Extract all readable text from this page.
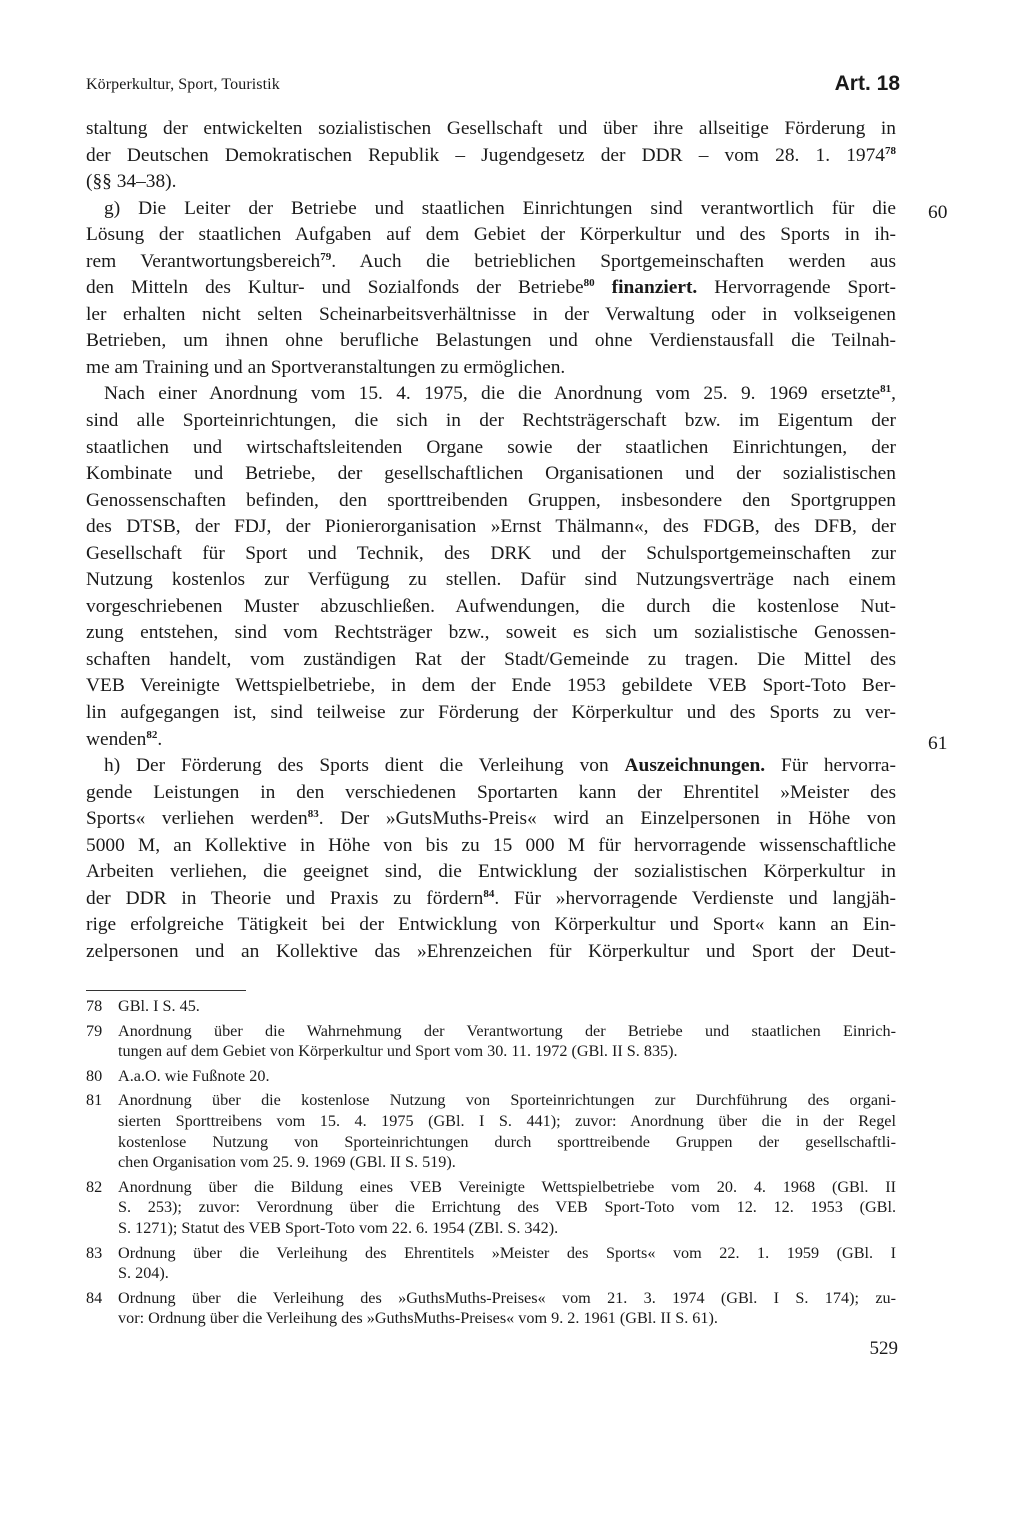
Körperkultur, Sport, Touristik	Art. 18
staltung der entwickelten sozialistischen Gesellschaft und über ihre allseitige Förderung in
der Deutschen Demokratischen Republik – Jugendgesetz der DDR – vom 28. 1. 1974$^{78}$
(§§ 34–38).
g) Die Leiter der Betriebe und staatlichen Einrichtungen sind verantwortlich für die
Lösung der staatlichen Aufgaben auf dem Gebiet der Körperkultur und des Sports in ih-
rem Verantwortungsbereich$^{79}$. Auch die betrieblichen Sportgemeinschaften werden aus
den Mitteln des Kultur- und Sozialfonds der Betriebe$^{80}$ finanziert. Hervorragende Sport-
ler erhalten nicht selten Scheinarbeitsverhältnisse in der Verwaltung oder in volkseigenen
Betrieben, um ihnen ohne berufliche Belastungen und ohne Verdienstausfall die Teilnah-
me am Training und an Sportveranstaltungen zu ermöglichen.
Nach einer Anordnung vom 15. 4. 1975, die die Anordnung vom 25. 9. 1969 ersetzte$^{81}$,
sind alle Sporteinrichtungen, die sich in der Rechtsträgerschaft bzw. im Eigentum der
staatlichen und wirtschaftsleitenden Organe sowie der staatlichen Einrichtungen, der
Kombinate und Betriebe, der gesellschaftlichen Organisationen und der sozialistischen
Genossenschaften befinden, den sporttreibenden Gruppen, insbesondere den Sportgruppen
des DTSB, der FDJ, der Pionierorganisation »Ernst Thälmann«, des FDGB, des DFB, der
Gesellschaft für Sport und Technik, des DRK und der Schulsportgemeinschaften zur
Nutzung kostenlos zur Verfügung zu stellen. Dafür sind Nutzungsverträge nach einem
vorgeschriebenen Muster abzuschließen. Aufwendungen, die durch die kostenlose Nut-
zung entstehen, sind vom Rechtsträger bzw., soweit es sich um sozialistische Genossen-
schaften handelt, vom zuständigen Rat der Stadt/Gemeinde zu tragen. Die Mittel des
VEB Vereinigte Wettspielbetriebe, in dem der Ende 1953 gebildete VEB Sport-Toto Ber-
lin aufgegangen ist, sind teilweise zur Förderung der Körperkultur und des Sports zu ver-
wenden$^{82}$.
h) Der Förderung des Sports dient die Verleihung von Auszeichnungen. Für hervorra-
gende Leistungen in den verschiedenen Sportarten kann der Ehrentitel »Meister des
Sports« verliehen werden$^{83}$. Der »GutsMuths-Preis« wird an Einzelpersonen in Höhe von
5000 M, an Kollektive in Höhe von bis zu 15 000 M für hervorragende wissenschaftliche
Arbeiten verliehen, die geeignet sind, die Entwicklung der sozialistischen Körperkultur in
der DDR in Theorie und Praxis zu fördern$^{84}$. Für »hervorragende Verdienste und langjäh-
rige erfolgreiche Tätigkeit bei der Entwicklung von Körperkultur und Sport« kann an Ein-
zelpersonen und an Kollektive das »Ehrenzeichen für Körperkultur und Sport der Deut-
60
61
78 GBl. I S. 45.
79 Anordnung über die Wahrnehmung der Verantwortung der Betriebe und staatlichen Einrich-
tungen auf dem Gebiet von Körperkultur und Sport vom 30. 11. 1972 (GBl. II S. 835).
80 A.a.O. wie Fußnote 20.
81 Anordnung über die kostenlose Nutzung von Sporteinrichtungen zur Durchführung des organi-
sierten Sporttreibens vom 15. 4. 1975 (GBl. I S. 441); zuvor: Anordnung über die in der Regel
kostenlose Nutzung von Sporteinrichtungen durch sporttreibende Gruppen der gesellschaftli-
chen Organisation vom 25. 9. 1969 (GBl. II S. 519).
82 Anordnung über die Bildung eines VEB Vereinigte Wettspielbetriebe vom 20. 4. 1968 (GBl. II
S. 253); zuvor: Verordnung über die Errichtung des VEB Sport-Toto vom 12. 12. 1953 (GBl.
S. 1271); Statut des VEB Sport-Toto vom 22. 6. 1954 (ZBl. S. 342).
83 Ordnung über die Verleihung des Ehrentitels »Meister des Sports« vom 22. 1. 1959 (GBl. I
S. 204).
84 Ordnung über die Verleihung des »GuthsMuths-Preises« vom 21. 3. 1974 (GBl. I S. 174); zu-
vor: Ordnung über die Verleihung des »GuthsMuths-Preises« vom 9. 2. 1961 (GBl. II S. 61).
529
